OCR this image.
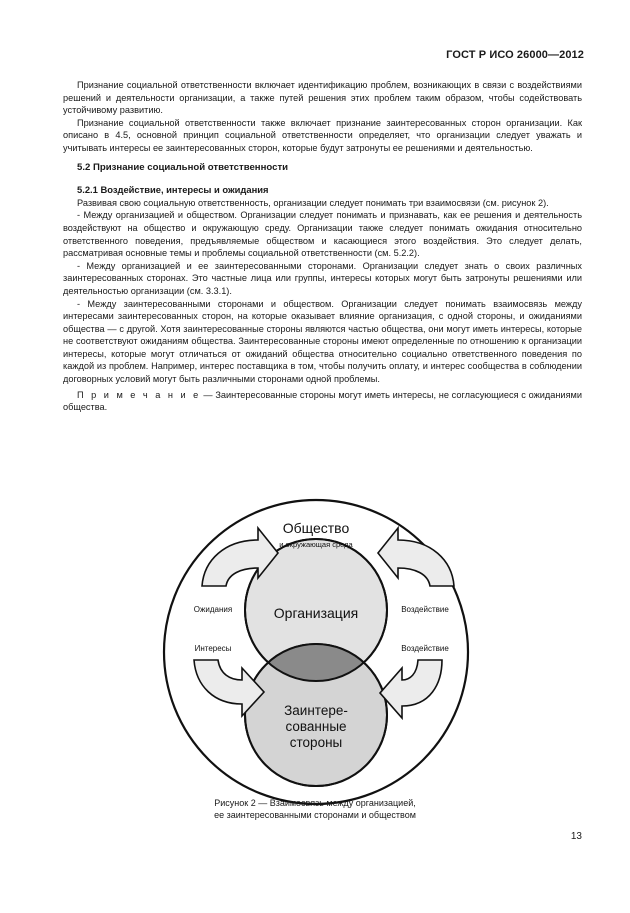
ГОСТ Р ИСО 26000—2012

Признание социальной ответственности включает идентификацию проблем, возникающих в связи с воздействиями решений и деятельности организации, а также путей решения этих проблем таким образом, чтобы содействовать устойчивому развитию.

Признание социальной ответственности также включает признание заинтересованных сторон организации. Как описано в 4.5, основной принцип социальной ответственности определяет, что организации следует уважать и учитывать интересы ее заинтересованных сторон, которые будут затронуты ее решениями и деятельностью.

5.2 Признание социальной ответственности
5.2.1 Воздействие, интересы и ожидания

Развивая свою социальную ответственность, организации следует понимать три взаимосвязи (см. рисунок 2).

- Между организацией и обществом. Организации следует понимать и признавать, как ее решения и деятельность воздействуют на общество и окружающую среду. Организации также следует понимать ожидания относительно ответственного поведения, предъявляемые обществом и касающиеся этого воздействия. Это следует делать, рассматривая основные темы и проблемы социальной ответственности (см. 5.2.2).

- Между организацией и ее заинтересованными сторонами. Организации следует знать о своих различных заинтересованных сторонах. Это частные лица или группы, интересы которых могут быть затронуты решениями или деятельностью организации (см. 3.3.1).

- Между заинтересованными сторонами и обществом. Организации следует понимать взаимосвязь между интересами заинтересованных сторон, на которые оказывает влияние организация, с одной стороны, и ожиданиями общества — с другой. Хотя заинтересованные стороны являются частью общества, они могут иметь интересы, которые не соответствуют ожиданиям общества. Заинтересованные стороны имеют определенные по отношению к организации интересы, которые могут отличаться от ожиданий общества относительно социально ответственного поведения по каждой из проблем. Например, интерес поставщика в том, чтобы получить оплату, и интерес сообщества в соблюдении договорных условий могут быть различными сторонами одной проблемы.

П р и м е ч а н и е — Заинтересованные стороны могут иметь интересы, не согласующиеся с ожиданиями общества.

Общество
и окружающая среда
Организация
Заинтере-
сованные
стороны
Ожидания
Интересы
Воздействие
Воздействие
Рисунок 2 — Взаимосвязь между организацией,
ее заинтересованными сторонами и обществом
13
